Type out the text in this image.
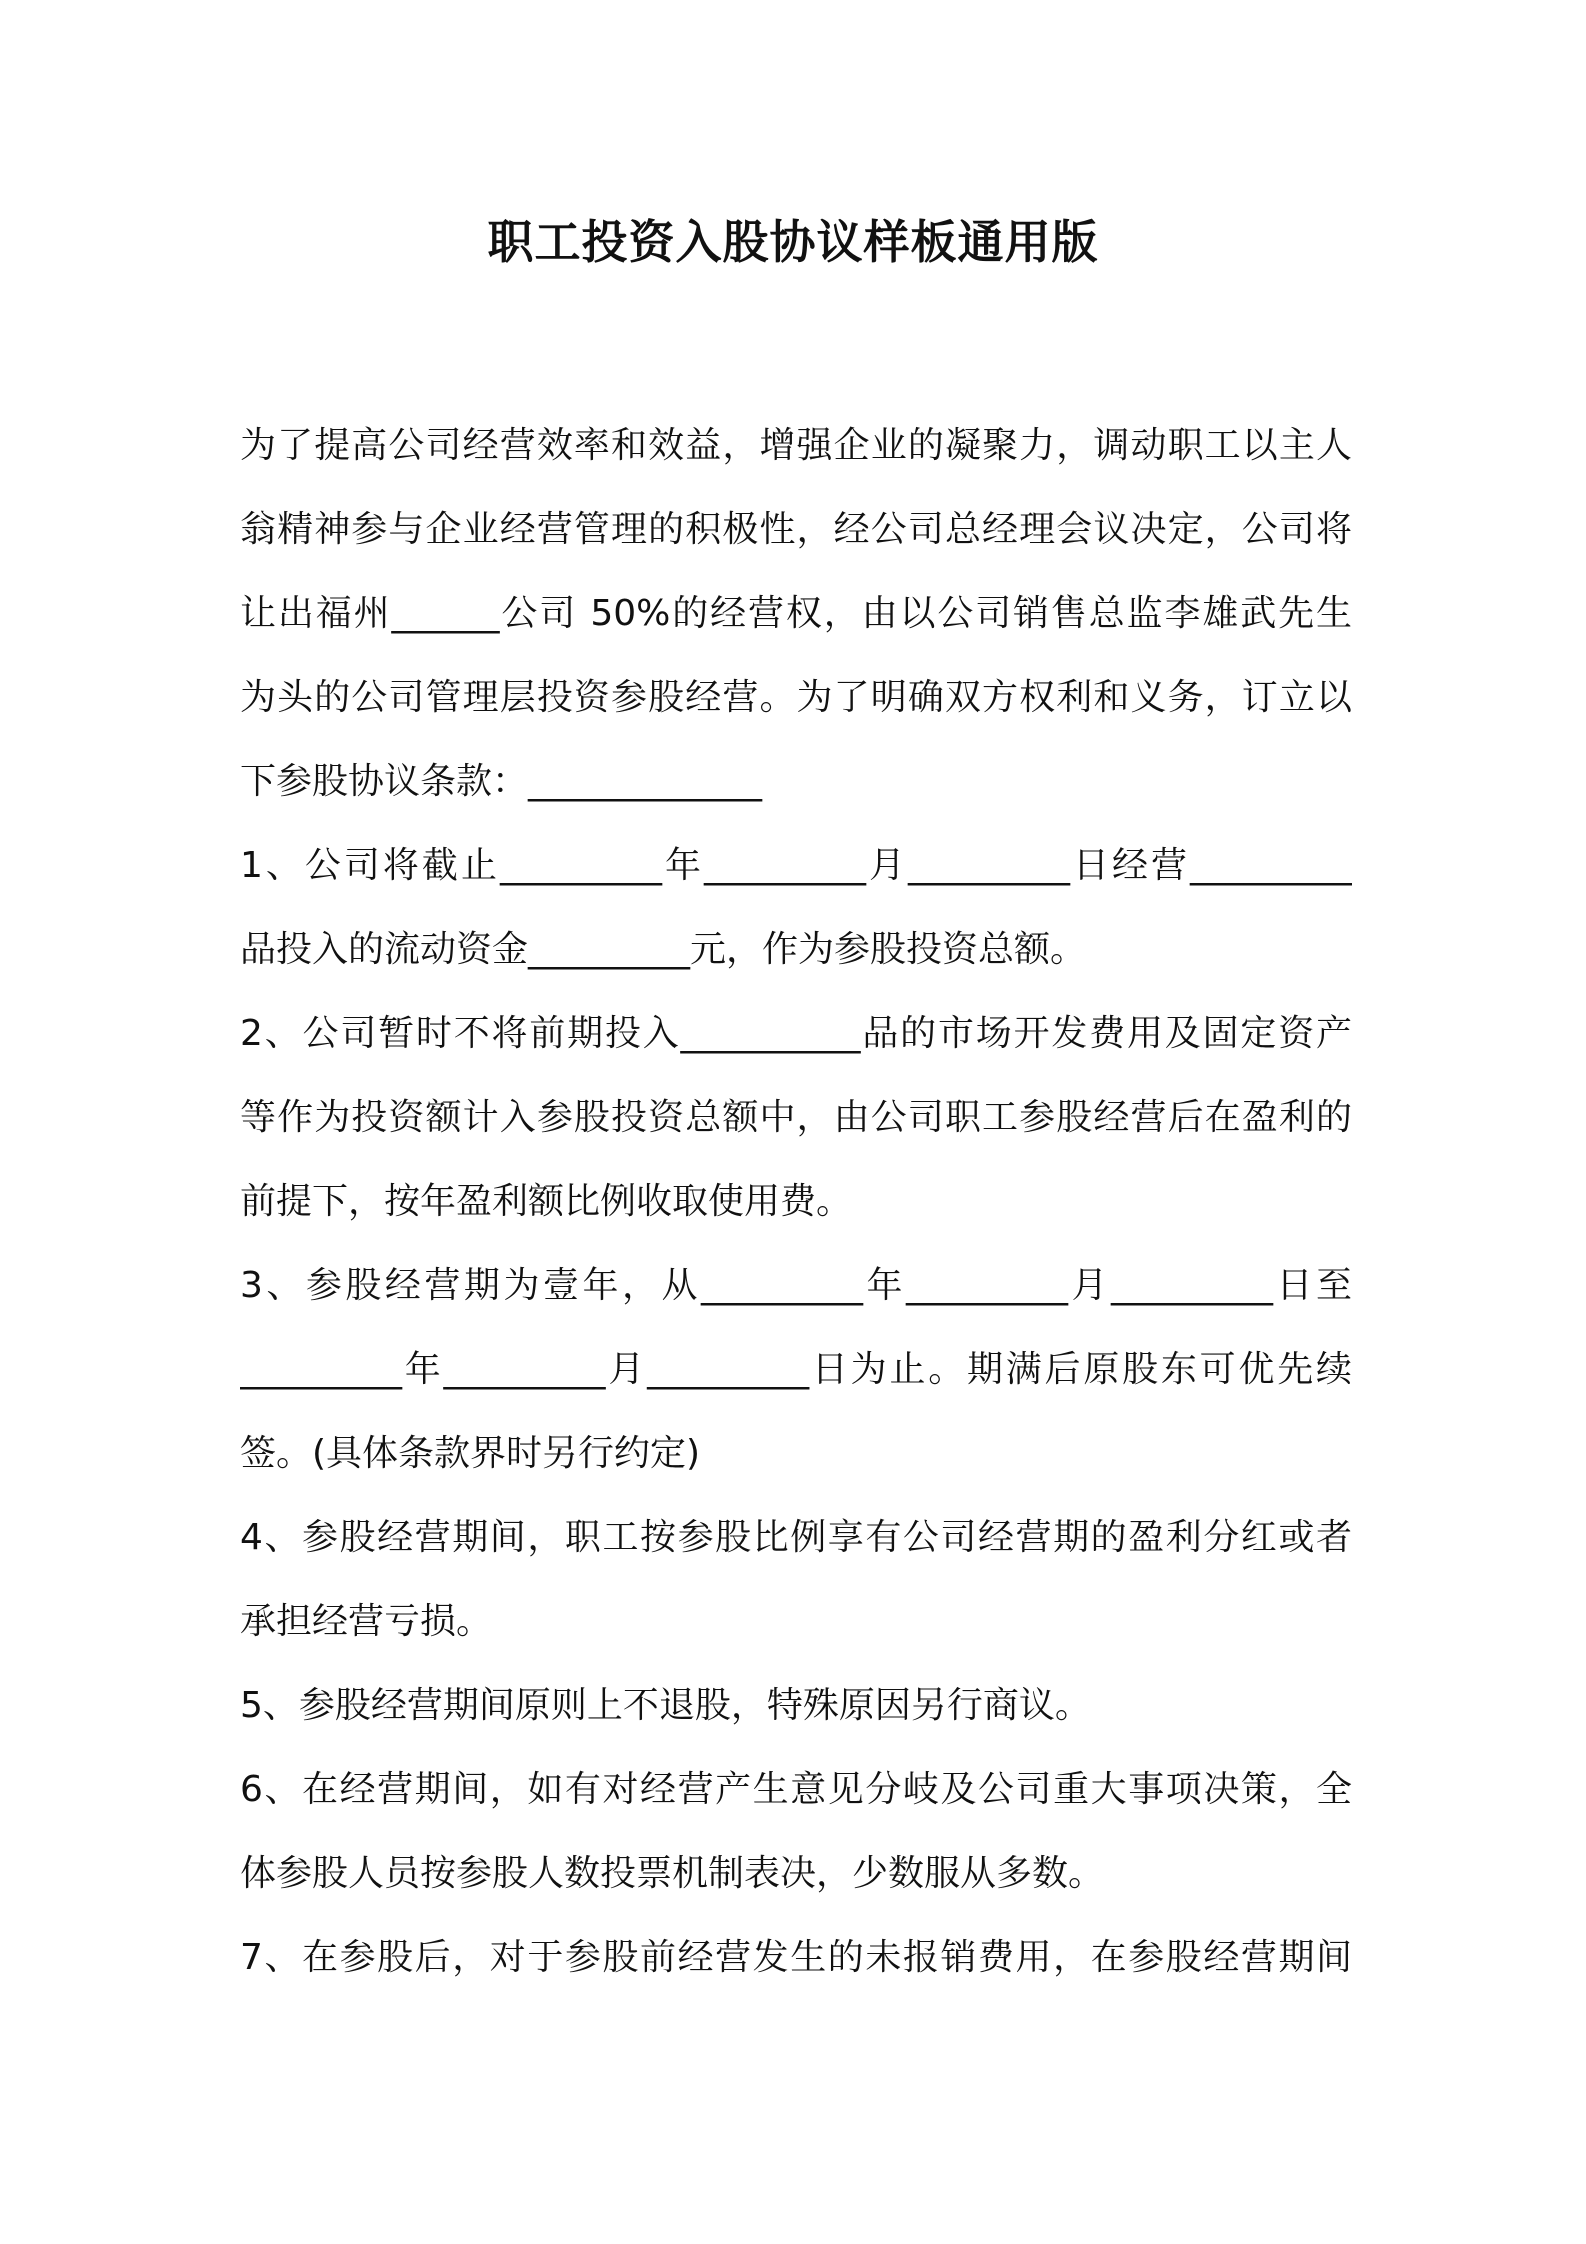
职工投资入股协议样板通用版
为了提高公司经营效率和效益，增强企业的凝聚力，调动职工以主人
翁精神参与企业经营管理的积极性，经公司总经理会议决定，公司将
让出福州______公司 50%的经营权，由以公司销售总监李雄武先生
为头的公司管理层投资参股经营。为了明确双方权利和义务，订立以
下参股协议条款：_____________
1、公司将截止_________年_________月_________日经营_________
品投入的流动资金_________元，作为参股投资总额。
2、公司暂时不将前期投入__________品的市场开发费用及固定资产
等作为投资额计入参股投资总额中，由公司职工参股经营后在盈利的
前提下，按年盈利额比例收取使用费。
3、参股经营期为壹年，从_________年_________月_________日至
_________年_________月_________日为止。期满后原股东可优先续
签。(具体条款界时另行约定)
4、参股经营期间，职工按参股比例享有公司经营期的盈利分红或者
承担经营亏损。
5、参股经营期间原则上不退股，特殊原因另行商议。
6、在经营期间，如有对经营产生意见分岐及公司重大事项决策，全
体参股人员按参股人数投票机制表决，少数服从多数。
7、在参股后，对于参股前经营发生的未报销费用，在参股经营期间
